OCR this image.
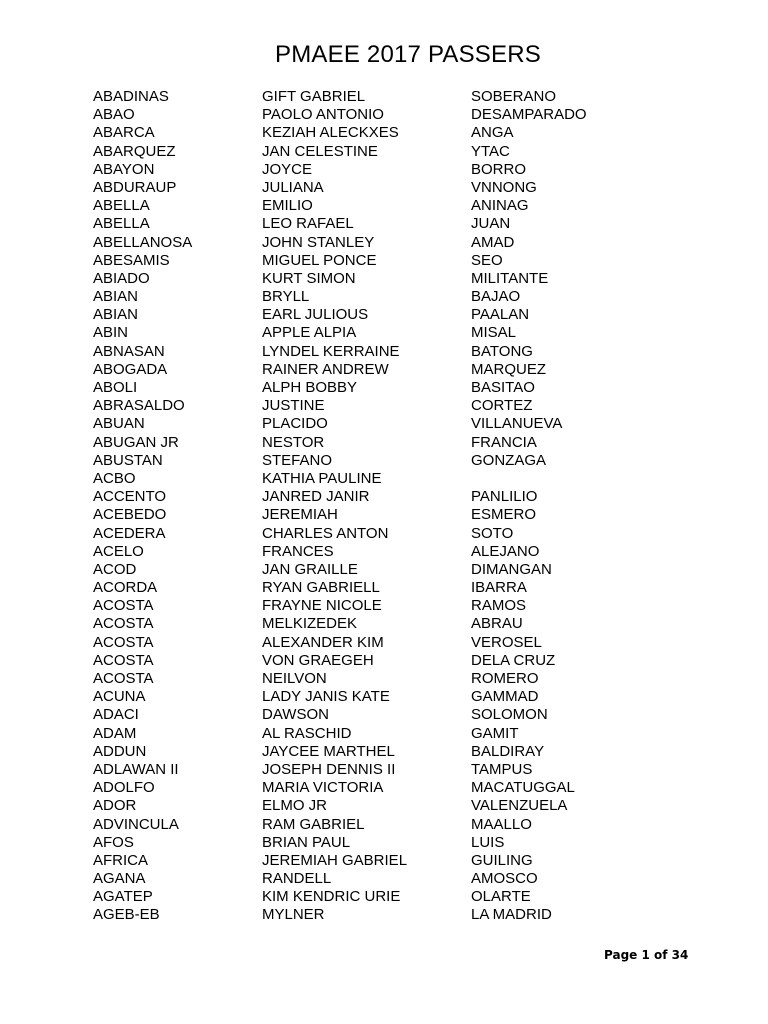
PMAEE 2017 PASSERS
ABADINAS	GIFT GABRIEL	SOBERANO
ABAO	PAOLO ANTONIO	DESAMPARADO
ABARCA	KEZIAH ALECKXES	ANGA
ABARQUEZ	JAN CELESTINE	YTAC
ABAYON	JOYCE	BORRO
ABDURAUP	JULIANA	VNNONG
ABELLA	EMILIO	ANINAG
ABELLA	LEO RAFAEL	JUAN
ABELLANOSA	JOHN STANLEY	AMAD
ABESAMIS	MIGUEL PONCE	SEO
ABIADO	KURT SIMON	MILITANTE
ABIAN	BRYLL	BAJAO
ABIAN	EARL JULIOUS	PAALAN
ABIN	APPLE ALPIA	MISAL
ABNASAN	LYNDEL KERRAINE	BATONG
ABOGADA	RAINER ANDREW	MARQUEZ
ABOLI	ALPH BOBBY	BASITAO
ABRASALDO	JUSTINE	CORTEZ
ABUAN	PLACIDO	VILLANUEVA
ABUGAN JR	NESTOR	FRANCIA
ABUSTAN	STEFANO	GONZAGA
ACBO	KATHIA PAULINE
ACCENTO	JANRED JANIR	PANLILIO
ACEBEDO	JEREMIAH	ESMERO
ACEDERA	CHARLES ANTON	SOTO
ACELO	FRANCES	ALEJANO
ACOD	JAN GRAILLE	DIMANGAN
ACORDA	RYAN GABRIELL	IBARRA
ACOSTA	FRAYNE NICOLE	RAMOS
ACOSTA	MELKIZEDEK	ABRAU
ACOSTA	ALEXANDER KIM	VEROSEL
ACOSTA	VON GRAEGEH	DELA CRUZ
ACOSTA	NEILVON	ROMERO
ACUNA	LADY JANIS KATE	GAMMAD
ADACI	DAWSON	SOLOMON
ADAM	AL RASCHID	GAMIT
ADDUN	JAYCEE MARTHEL	BALDIRAY
ADLAWAN II	JOSEPH DENNIS II	TAMPUS
ADOLFO	MARIA VICTORIA	MACATUGGAL
ADOR	ELMO JR	VALENZUELA
ADVINCULA	RAM GABRIEL	MAALLO
AFOS	BRIAN PAUL	LUIS
AFRICA	JEREMIAH GABRIEL	GUILING
AGANA	RANDELL	AMOSCO
AGATEP	KIM KENDRIC URIE	OLARTE
AGEB-EB	MYLNER	LA MADRID
Page 1 of 34
